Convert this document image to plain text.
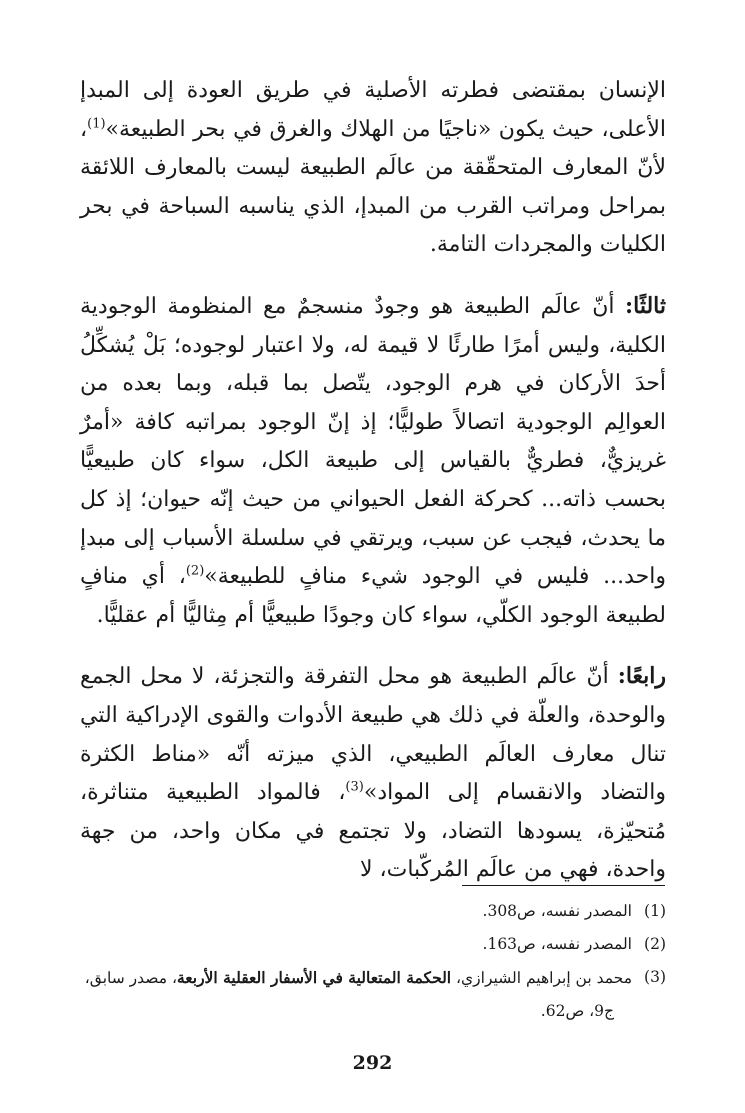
الإنسان بمقتضى فطرته الأصلية في طريق العودة إلى المبدإ الأعلى، حيث يكون «ناجيًا من الهلاك والغرق في بحر الطبيعة»$^{(1)}$، لأنّ المعارف المتحقّقة من عالَم الطبيعة ليست بالمعارف اللائقة بمراحل ومراتب القرب من المبدإ، الذي يناسبه السباحة في بحر الكليات والمجردات التامة.

ثالثًا: أنّ عالَم الطبيعة هو وجودٌ منسجمٌ مع المنظومة الوجودية الكلية، وليس أمرًا طارئًا لا قيمة له، ولا اعتبار لوجوده؛ بَلْ يُشكِّلُ أحدَ الأركان في هرم الوجود، يتّصل بما قبله، وبما بعده من العوالِم الوجودية اتصالاً طوليًّا؛ إذ إنّ الوجود بمراتبه كافة «أمرٌ غريزيٌّ، فطريٌّ بالقياس إلى طبيعة الكل، سواء كان طبيعيًّا بحسب ذاته... كحركة الفعل الحيواني من حيث إنّه حيوان؛ إذ كل ما يحدث، فيجب عن سبب، ويرتقي في سلسلة الأسباب إلى مبدإ واحد... فليس في الوجود شيء منافٍ للطبيعة»$^{(2)}$، أي منافٍ لطبيعة الوجود الكلّي، سواء كان وجودًا طبيعيًّا أم مِثاليًّا أم عقليًّا.

رابعًا: أنّ عالَم الطبيعة هو محل التفرقة والتجزئة، لا محل الجمع والوحدة، والعلّة في ذلك هي طبيعة الأدوات والقوى الإدراكية التي تنال معارف العالَم الطبيعي، الذي ميزته أنّه «مناط الكثرة والتضاد والانقسام إلى المواد»$^{(3)}$، فالمواد الطبيعية متناثرة، مُتحيّزة، يسودها التضاد، ولا تجتمع في مكان واحد، من جهة واحدة، فهي من عالَم المُركّبات، لا

(1)
المصدر نفسه، ص308.
(2)
المصدر نفسه، ص163.
(3)
محمد بن إبراهيم الشيرازي، الحكمة المتعالية في الأسفار العقلية الأربعة، مصدر سابق،
ج9، ص62.
292
